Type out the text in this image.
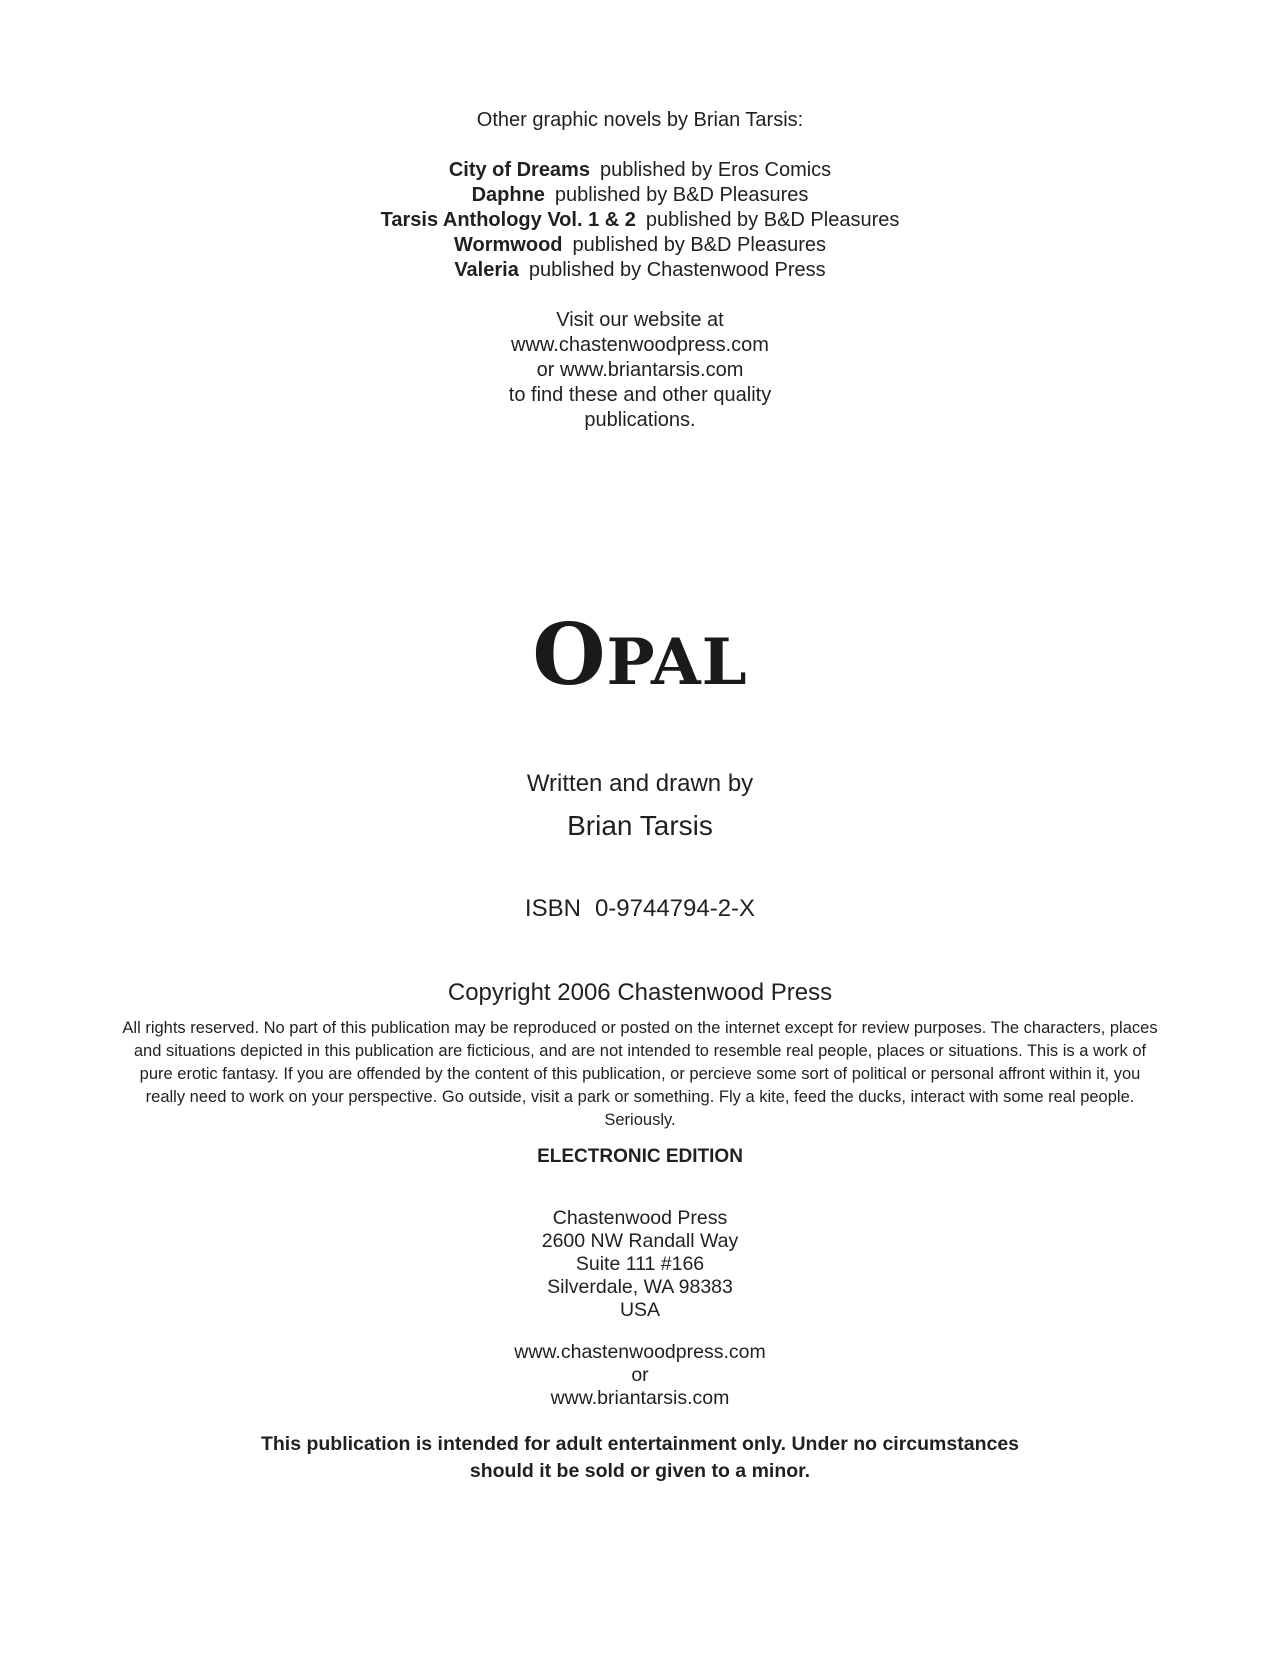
Other graphic novels by Brian Tarsis:
City of Dreams published by Eros Comics
Daphne published by B&D Pleasures
Tarsis Anthology Vol. 1 & 2 published by B&D Pleasures
Wormwood published by B&D Pleasures
Valeria published by Chastenwood Press
Visit our website at
www.chastenwoodpress.com
or www.briantarsis.com
to find these and other quality
publications.
OPAL
Written and drawn by
Brian Tarsis
ISBN 0-9744794-2-X
Copyright 2006 Chastenwood Press
All rights reserved. No part of this publication may be reproduced or posted on the internet except for review purposes. The characters, places and situations depicted in this publication are ficticious, and are not intended to resemble real people, places or situations. This is a work of pure erotic fantasy. If you are offended by the content of this publication, or percieve some sort of political or personal affront within it, you really need to work on your perspective. Go outside, visit a park or something. Fly a kite, feed the ducks, interact with some real people. Seriously.
ELECTRONIC EDITION
Chastenwood Press
2600 NW Randall Way
Suite 111 #166
Silverdale, WA 98383
USA
www.chastenwoodpress.com
or
www.briantarsis.com
This publication is intended for adult entertainment only. Under no circumstances
should it be sold or given to a minor.
